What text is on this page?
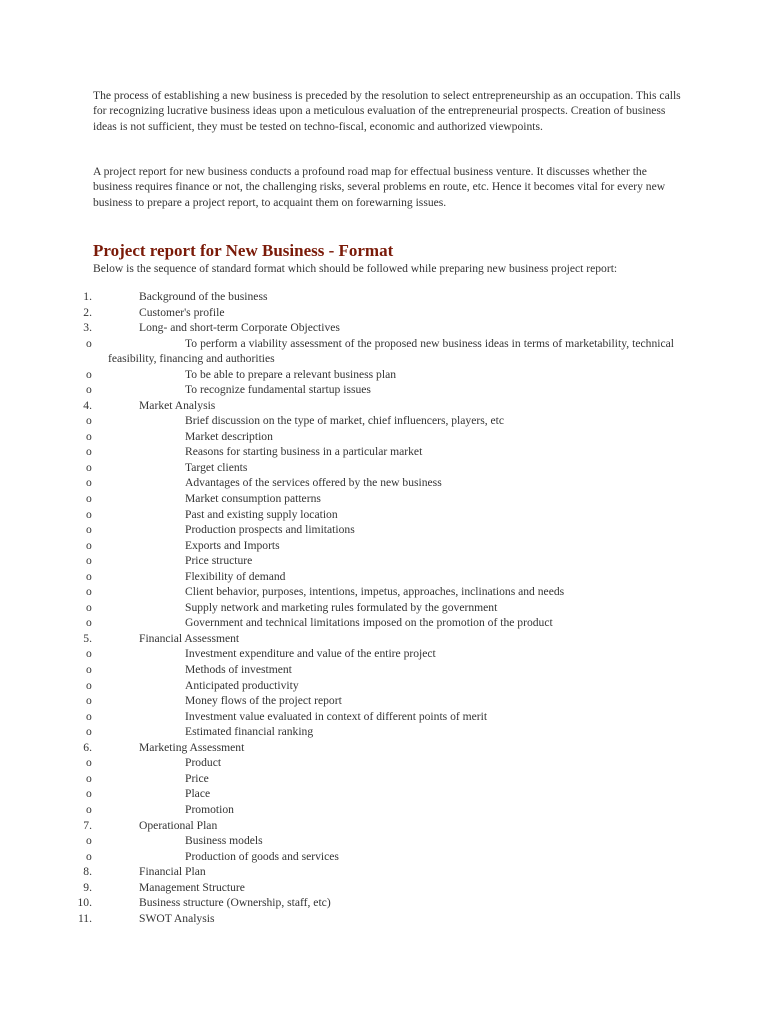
The process of establishing a new business is preceded by the resolution to select entrepreneurship as an occupation. This calls for recognizing lucrative business ideas upon a meticulous evaluation of the entrepreneurial prospects. Creation of business ideas is not sufficient, they must be tested on techno-fiscal, economic and authorized viewpoints.

A project report for new business conducts a profound road map for effectual business venture. It discusses whether the business requires finance or not, the challenging risks, several problems en route, etc. Hence it becomes vital for every new business to prepare a project report, to acquaint them on forewarning issues.

Project report for New Business - Format

Below is the sequence of standard format which should be followed while preparing new business project report:

1.	Background of the business
2.	Customer's profile
3.	Long- and short-term Corporate Objectives
o	To perform a viability assessment of the proposed new business ideas in terms of marketability, technical feasibility, financing and authorities
o	To be able to prepare a relevant business plan
o	To recognize fundamental startup issues
4.	Market Analysis
o	Brief discussion on the type of market, chief influencers, players, etc
o	Market description
o	Reasons for starting business in a particular market
o	Target clients
o	Advantages of the services offered by the new business
o	Market consumption patterns
o	Past and existing supply location
o	Production prospects and limitations
o	Exports and Imports
o	Price structure
o	Flexibility of demand
o	Client behavior, purposes, intentions, impetus, approaches, inclinations and needs
o	Supply network and marketing rules formulated by the government
o	Government and technical limitations imposed on the promotion of the product
5.	Financial Assessment
o	Investment expenditure and value of the entire project
o	Methods of investment
o	Anticipated productivity
o	Money flows of the project report
o	Investment value evaluated in context of different points of merit
o	Estimated financial ranking
6.	Marketing Assessment
o	Product
o	Price
o	Place
o	Promotion
7.	Operational Plan
o	Business models
o	Production of goods and services
8.	Financial Plan
9.	Management Structure
10.	Business structure (Ownership, staff, etc)
11.	SWOT Analysis
